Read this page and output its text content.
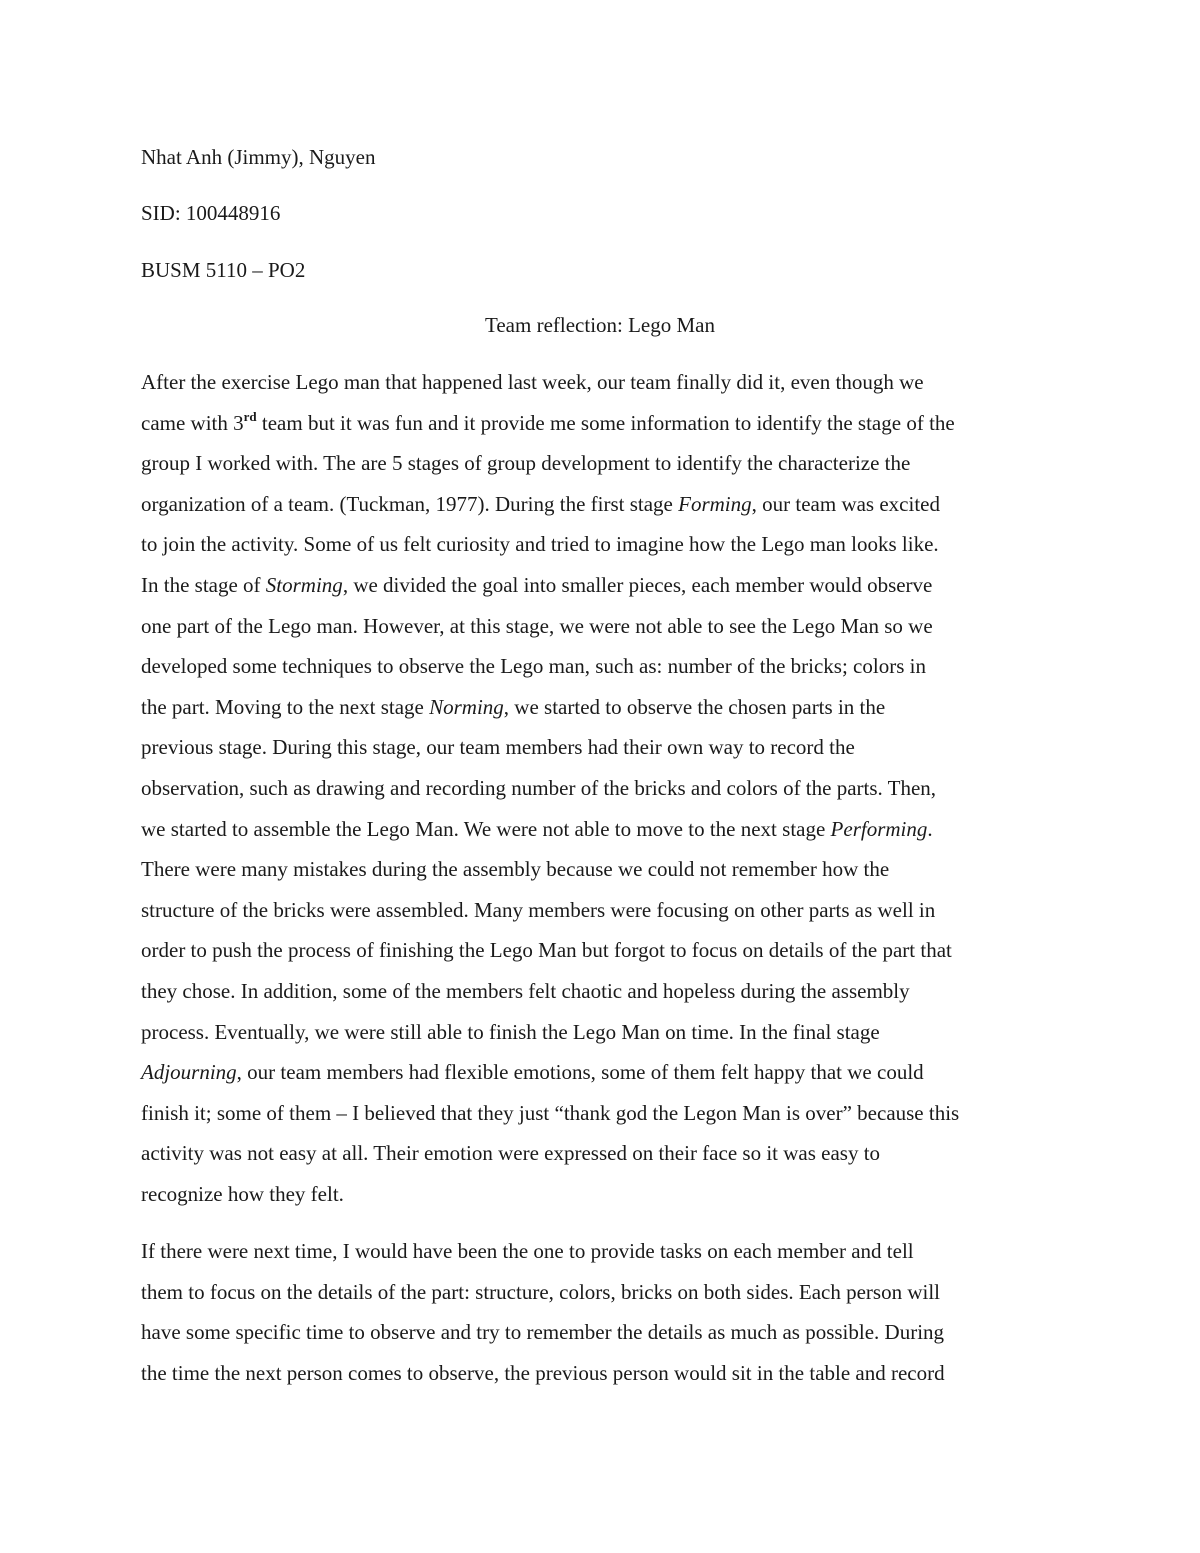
Nhat Anh (Jimmy), Nguyen
SID: 100448916
BUSM 5110 – PO2
Team reflection: Lego Man
After the exercise Lego man that happened last week, our team finally did it, even though we
came with 3rd team but it was fun and it provide me some information to identify the stage of the
group I worked with. The are 5 stages of group development to identify the characterize the
organization of a team. (Tuckman, 1977). During the first stage Forming, our team was excited
to join the activity. Some of us felt curiosity and tried to imagine how the Lego man looks like.
In the stage of Storming, we divided the goal into smaller pieces, each member would observe
one part of the Lego man. However, at this stage, we were not able to see the Lego Man so we
developed some techniques to observe the Lego man, such as: number of the bricks; colors in
the part. Moving to the next stage Norming, we started to observe the chosen parts in the
previous stage. During this stage, our team members had their own way to record the
observation, such as drawing and recording number of the bricks and colors of the parts. Then,
we started to assemble the Lego Man. We were not able to move to the next stage Performing.
There were many mistakes during the assembly because we could not remember how the
structure of the bricks were assembled. Many members were focusing on other parts as well in
order to push the process of finishing the Lego Man but forgot to focus on details of the part that
they chose. In addition, some of the members felt chaotic and hopeless during the assembly
process. Eventually, we were still able to finish the Lego Man on time. In the final stage
Adjourning, our team members had flexible emotions, some of them felt happy that we could
finish it; some of them – I believed that they just “thank god the Legon Man is over” because this
activity was not easy at all. Their emotion were expressed on their face so it was easy to
recognize how they felt.
If there were next time, I would have been the one to provide tasks on each member and tell
them to focus on the details of the part: structure, colors, bricks on both sides. Each person will
have some specific time to observe and try to remember the details as much as possible. During
the time the next person comes to observe, the previous person would sit in the table and record
